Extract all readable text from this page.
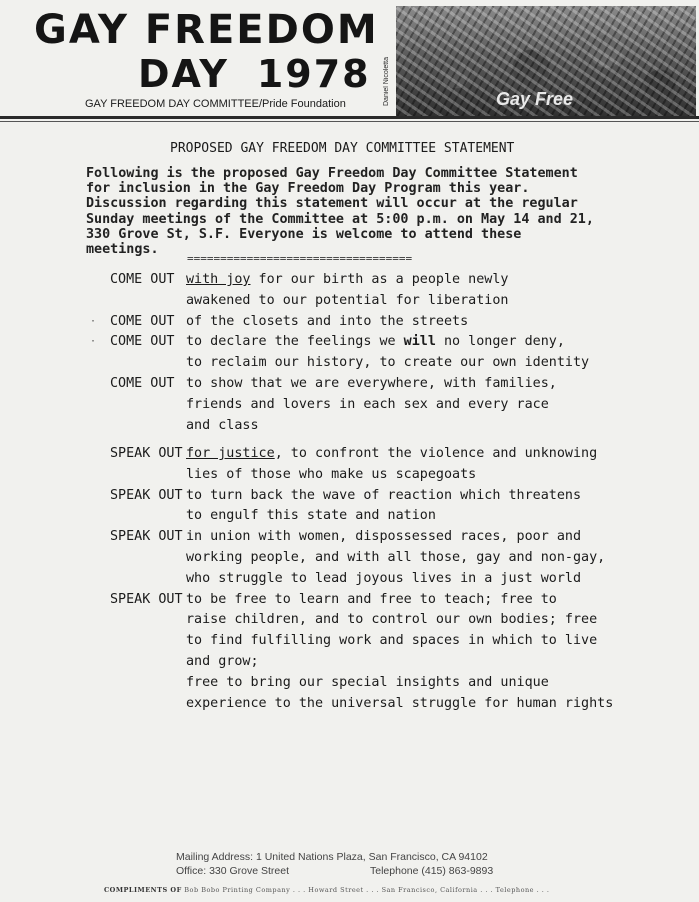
GAY FREEDOM
DAY 1978
GAY FREEDOM DAY COMMITTEE/Pride Foundation	Daniel Nicoletta	Gay Free
PROPOSED GAY FREEDOM DAY COMMITTEE STATEMENT
Following is the proposed Gay Freedom Day Committee Statement
for inclusion in the Gay Freedom Day Program this year.
Discussion regarding this statement will occur at the regular
Sunday meetings of the Committee at 5:00 p.m. on May 14 and 21,
330 Grove St, S.F. Everyone is welcome to attend these
meetings.
==================================
COME OUT with joy for our birth as a people newly
awakened to our potential for liberation
· COME OUT of the closets and into the streets
· COME OUT to declare the feelings we will no longer deny,
to reclaim our history, to create our own identity
COME OUT to show that we are everywhere, with families,
friends and lovers in each sex and every race
and class
SPEAK OUT for justice, to confront the violence and unknowing
lies of those who make us scapegoats
SPEAK OUT to turn back the wave of reaction which threatens
to engulf this state and nation
SPEAK OUT in union with women, dispossessed races, poor and
working people, and with all those, gay and non-gay,
who struggle to lead joyous lives in a just world
SPEAK OUT to be free to learn and free to teach; free to
raise children, and to control our own bodies; free
to find fulfilling work and spaces in which to live
and grow;
free to bring our special insights and unique
experience to the universal struggle for human rights
Mailing Address: 1 United Nations Plaza, San Francisco, CA 94102
Office: 330 Grove Street	Telephone (415) 863-9893
COMPLIMENTS OF Bob Bobo Printing Company . . . Howard Street . . . San Francisco, California . . . Telephone . . .
